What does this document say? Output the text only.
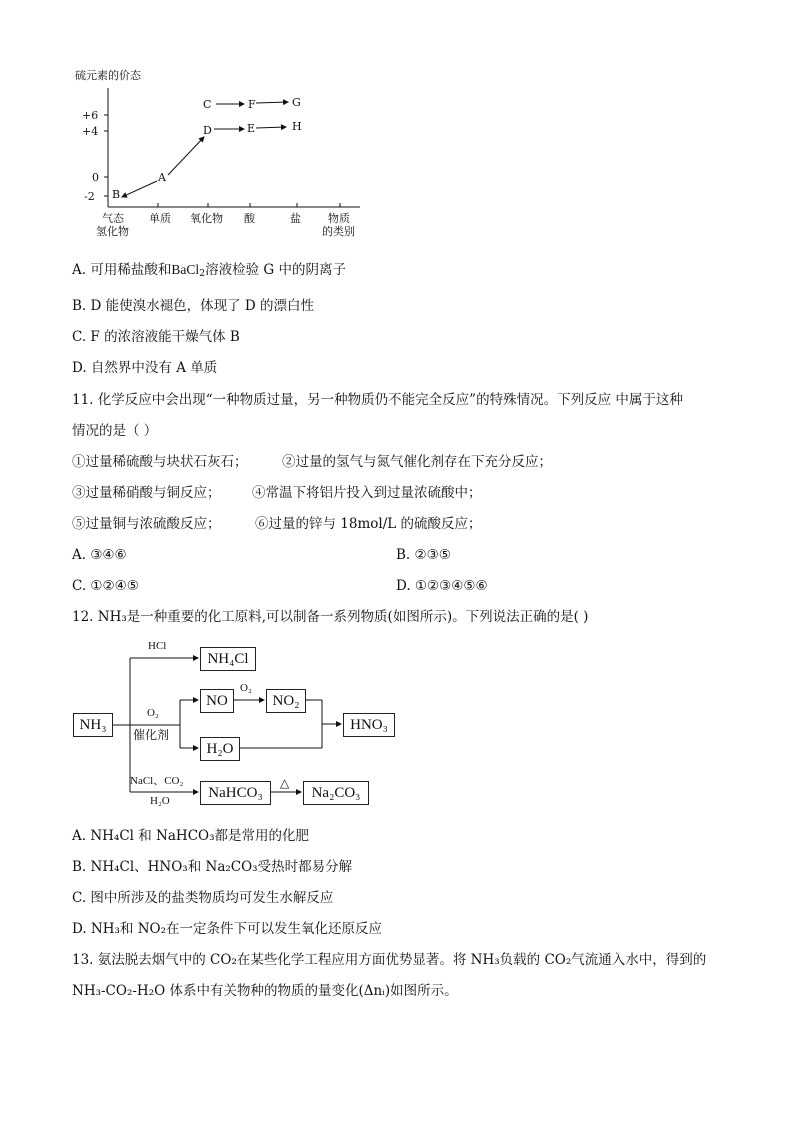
硫元素的价态
+6
+4
0
-2
气态
氢化物
单质 氧化物 酸	盐 物质
的类别
A
B
C
D	E
F	G
H
A. 可用稀盐酸和BaCl$_2$溶液检验 G 中的阴离子
B. D 能使溴水褪色，体现了 D 的漂白性
C. F 的浓溶液能干燥气体 B
D. 自然界中没有 A 单质
11. 化学反应中会出现“一种物质过量，另一种物质仍不能完全反应”的特殊情况。下列反应 中属于这种
情况的是（ ）
①过量稀硫酸与块状石灰石；	②过量的氢气与氮气催化剂存在下充分反应；
③过量稀硝酸与铜反应； ④常温下将铝片投入到过量浓硫酸中；
⑤过量铜与浓硫酸反应；	⑥过量的锌与 18mol/L 的硫酸反应；
A. ③④⑥	B. ②③⑤
C. ①②④⑤	D. ①②③④⑤⑥
12. NH₃是一种重要的化工原料,可以制备一系列物质(如图所示)。下列说法正确的是( )
NH₃
NH₄Cl
NO	NO₂
HNO₃
H₂O
NaHCO₃	Na₂CO₃
HCl
O₂
催化剂
O₂
NaCl、CO₂
H₂O
△
A. NH₄Cl 和 NaHCO₃都是常用的化肥
B. NH₄Cl、HNO₃和 Na₂CO₃受热时都易分解
C. 图中所涉及的盐类物质均可发生水解反应
D. NH₃和 NO₂在一定条件下可以发生氧化还原反应
13. 氨法脱去烟气中的 CO₂在某些化学工程应用方面优势显著。将 NH₃负载的 CO₂气流通入水中，得到的
NH₃-CO₂-H₂O 体系中有关物种的物质的量变化(Δnᵢ)如图所示。
